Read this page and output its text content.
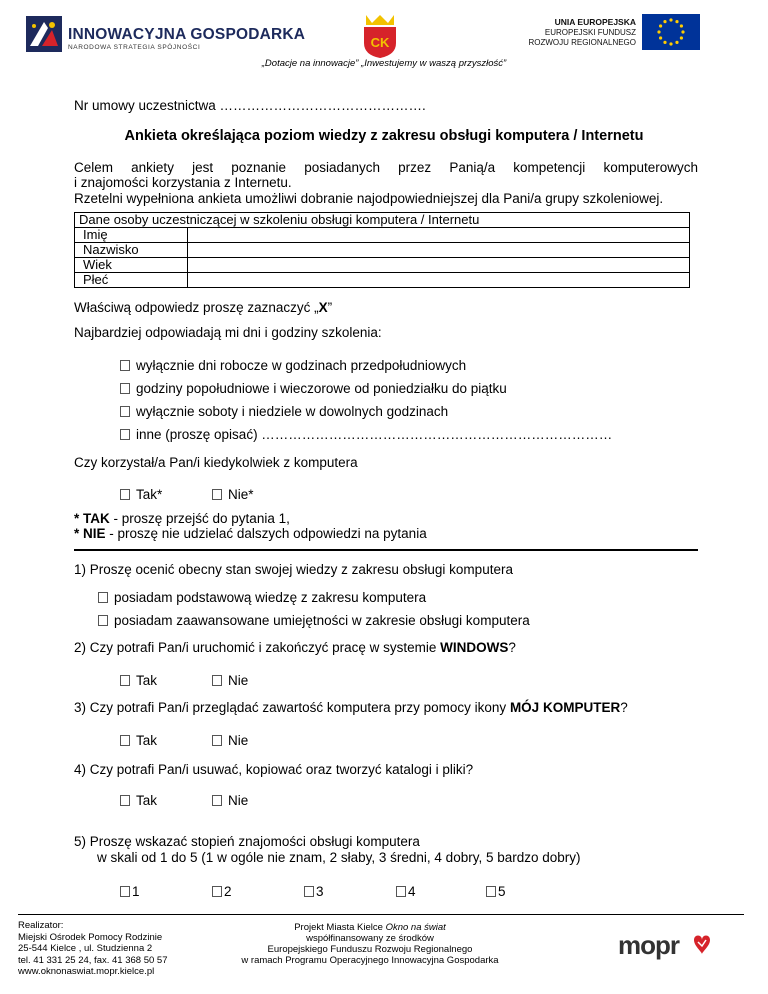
INNOWACYJNA GOSPODARKA
NARODOWA STRATEGIA SPÓJNOŚCI	CK
UNIA EUROPEJSKA
EUROPEJSKI FUNDUSZ
ROZWOJU REGIONALNEGO
„Dotacje na innowacje” „Inwestujemy w waszą przyszłość”
Nr umowy uczestnictwa ……………………………………….
Ankieta określająca poziom wiedzy z zakresu obsługi komputera / Internetu
Celem ankiety jest poznanie posiadanych przez Panią/a kompetencji komputerowych
i znajomości korzystania z Internetu.
Rzetelni wypełniona ankieta umożliwi dobranie najodpowiedniejszej dla Pani/a grupy szkoleniowej.
Dane osoby uczestniczącej w szkoleniu obsługi komputera / Internetu	
Imię	
Nazwisko	
Wiek	
Płeć	
Właściwą odpowiedz proszę zaznaczyć „X”
Najbardziej odpowiadają mi dni i godziny szkolenia:
wyłącznie dni robocze w godzinach przedpołudniowych
godziny popołudniowe i wieczorowe od poniedziałku do piątku
wyłącznie soboty i niedziele w dowolnych godzinach
inne (proszę opisać) ……………………………………………………………………
Czy korzystał/a Pan/i kiedykolwiek z komputera
Tak*	Nie*
* TAK - proszę przejść do pytania 1,
* NIE - proszę nie udzielać dalszych odpowiedzi na pytania
1) Proszę ocenić obecny stan swojej wiedzy z zakresu obsługi komputera
posiadam podstawową wiedzę z zakresu komputera
posiadam zaawansowane umiejętności w zakresie obsługi komputera
2) Czy potrafi Pan/i uruchomić i zakończyć pracę w systemie WINDOWS?
Tak	Nie
3) Czy potrafi Pan/i przeglądać zawartość komputera przy pomocy ikony MÓJ KOMPUTER?
Tak	Nie
4) Czy potrafi Pan/i usuwać, kopiować oraz tworzyć katalogi i pliki?
Tak	Nie
5) Proszę wskazać stopień znajomości obsługi komputera
w skali od 1 do 5 (1 w ogóle nie znam, 2 słaby, 3 średni, 4 dobry, 5 bardzo dobry)
1	2	3	4	5
Realizator:
Miejski Ośrodek Pomocy Rodzinie
25-544 Kielce , ul. Studzienna 2
tel. 41 331 25 24, fax. 41 368 50 57
www.oknonaswiat.mopr.kielce.pl
Projekt Miasta Kielce Okno na świat
współfinansowany ze środków
Europejskiego Funduszu Rozwoju Regionalnego
w ramach Programu Operacyjnego Innowacyjna Gospodarka
mopr
